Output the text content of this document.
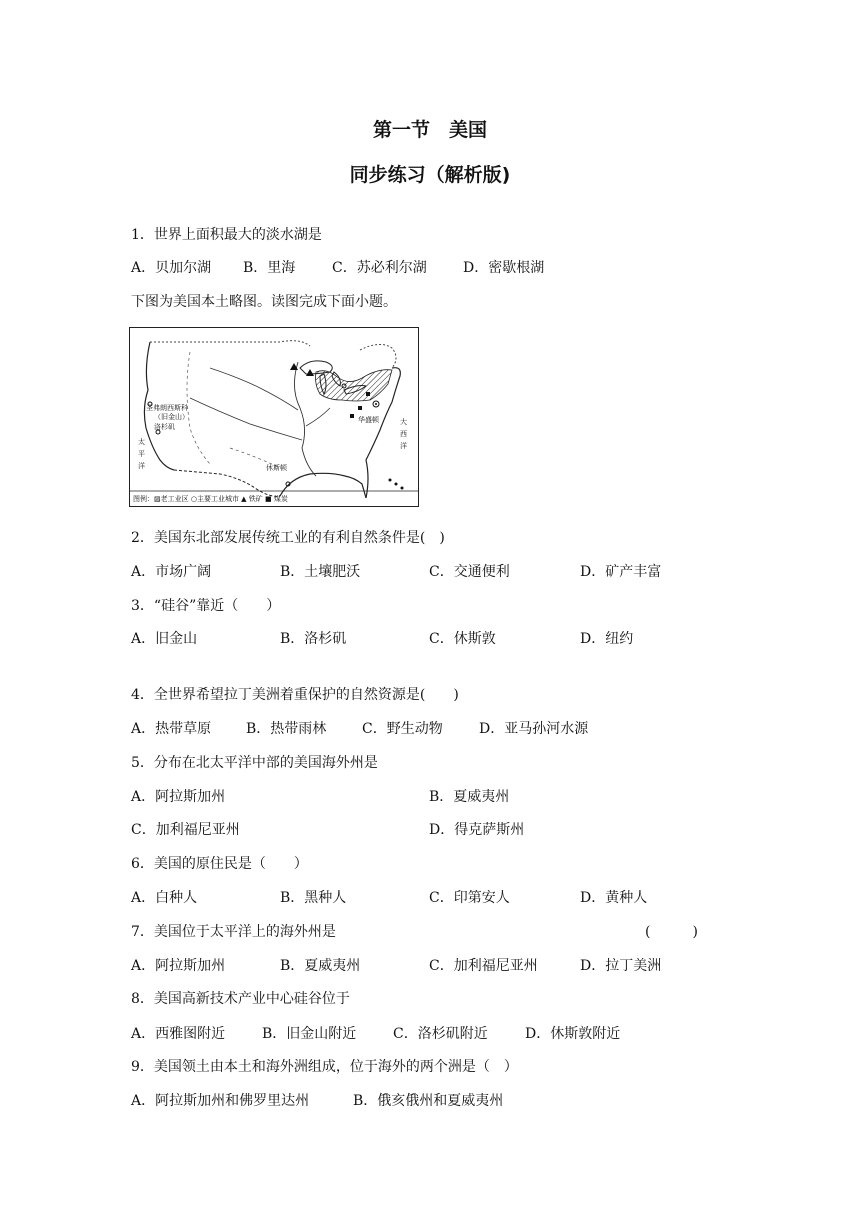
第一节　美国
同步练习（解析版)
1．世界上面积最大的淡水湖是
A．贝加尔湖 B．里海	C．苏必利尔湖	D．密歇根湖
下图为美国本土略图。读图完成下面小题。
圣弗朗西斯科
（旧金山）
洛杉矶
太
平
洋
大
西
洋
休斯顿
华盛顿
图例：▨老工业区 ○主要工业城市 ▲ 铁矿 ■ 煤炭
2．美国东北部发展传统工业的有利自然条件是(　)
A．市场广阔	B．土壤肥沃	C．交通便利	D．矿产丰富
3．“硅谷”靠近（　　）
A．旧金山	B．洛杉矶	C．休斯敦	D．纽约
4．全世界希望拉丁美洲着重保护的自然资源是(　　)
A．热带草原 B．热带雨林	C．野生动物	D．亚马孙河水源
5．分布在北太平洋中部的美国海外州是
A．阿拉斯加州	B．夏威夷州
C．加利福尼亚州	D．得克萨斯州
6．美国的原住民是（　　）
A．白种人	B．黑种人	C．印第安人	D．黄种人
7．美国位于太平洋上的海外州是	(　　　)
A．阿拉斯加州	B．夏威夷州	C．加利福尼亚州	D．拉丁美洲
8．美国高新技术产业中心硅谷位于
A．西雅图附近	B．旧金山附近	C．洛杉矶附近	D．休斯敦附近
9．美国领土由本土和海外洲组成，位于海外的两个洲是（　）
A．阿拉斯加州和佛罗里达州	B．俄亥俄州和夏威夷州
